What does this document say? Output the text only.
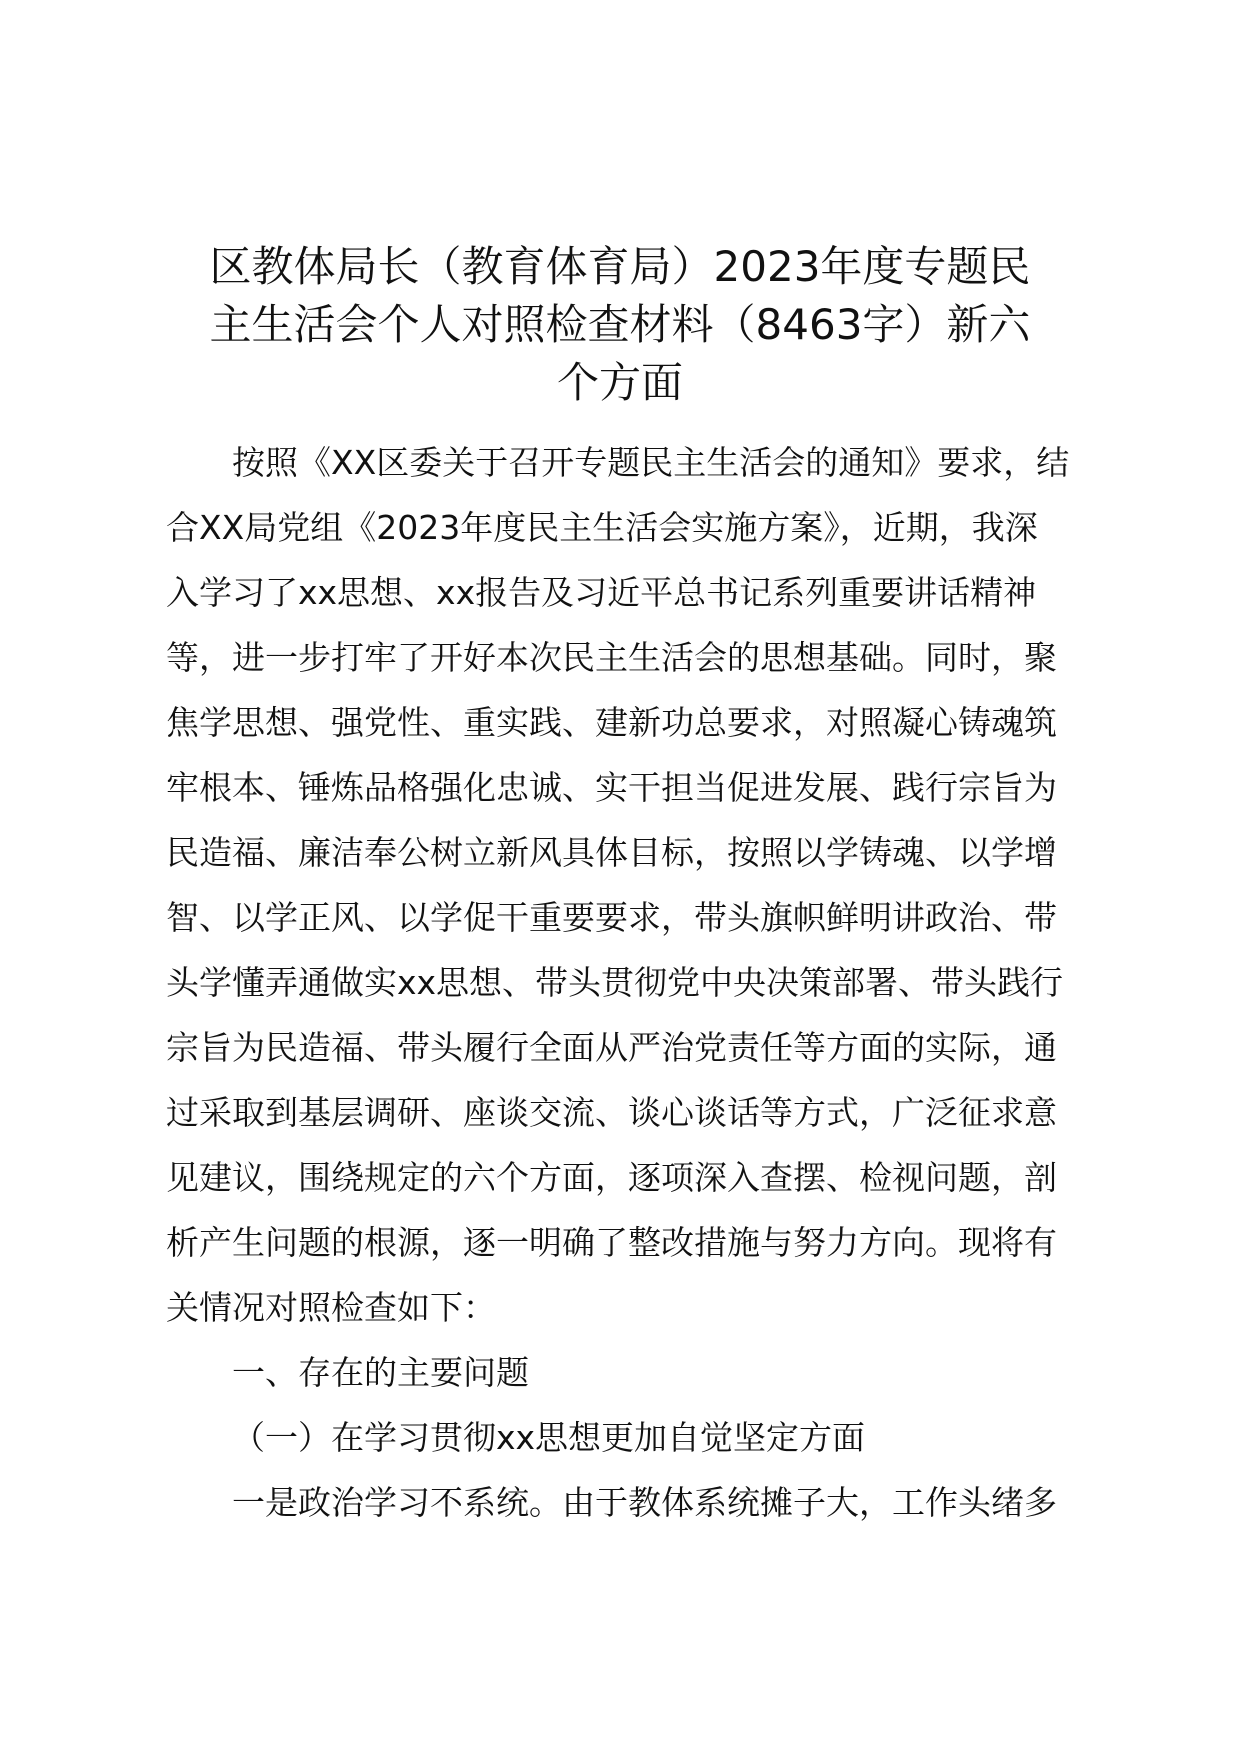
区教体局长（教育体育局）2023年度专题民
主生活会个人对照检查材料（8463字）新六
个方面
按照《XX区委关于召开专题民主生活会的通知》要求，结
合XX局党组《2023年度民主生活会实施方案》，近期，我深
入学习了xx思想、xx报告及习近平总书记系列重要讲话精神
等，进一步打牢了开好本次民主生活会的思想基础。同时，聚
焦学思想、强党性、重实践、建新功总要求，对照凝心铸魂筑
牢根本、锤炼品格强化忠诚、实干担当促进发展、践行宗旨为
民造福、廉洁奉公树立新风具体目标，按照以学铸魂、以学增
智、以学正风、以学促干重要要求，带头旗帜鲜明讲政治、带
头学懂弄通做实xx思想、带头贯彻党中央决策部署、带头践行
宗旨为民造福、带头履行全面从严治党责任等方面的实际，通
过采取到基层调研、座谈交流、谈心谈话等方式，广泛征求意
见建议，围绕规定的六个方面，逐项深入查摆、检视问题，剖
析产生问题的根源，逐一明确了整改措施与努力方向。现将有
关情况对照检查如下：
一、存在的主要问题
（一）在学习贯彻xx思想更加自觉坚定方面
一是政治学习不系统。由于教体系统摊子大，工作头绪多
